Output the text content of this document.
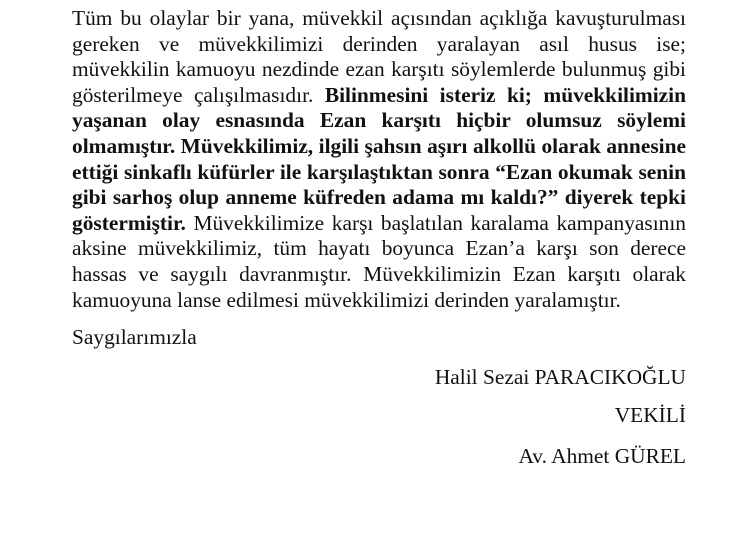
Tüm bu olaylar bir yana, müvekkil açısından açıklığa kavuşturulması gereken ve müvekkilimizi derinden yaralayan asıl husus ise; müvekkilin kamuoyu nezdinde ezan karşıtı söylemlerde bulunmuş gibi gösterilmeye çalışılmasıdır. Bilinmesini isteriz ki; müvekkilimizin yaşanan olay esnasında Ezan karşıtı hiçbir olumsuz söylemi olmamıştır. Müvekkilimiz, ilgili şahsın aşırı alkollü olarak annesine ettiği sinkaflı küfürler ile karşılaştıktan sonra “Ezan okumak senin gibi sarhoş olup anneme küfreden adama mı kaldı?” diyerek tepki göstermiştir. Müvekkilimize karşı başlatılan karalama kampanyasının aksine müvekkilimiz, tüm hayatı boyunca Ezan’a karşı son derece hassas ve saygılı davranmıştır. Müvekkilimizin Ezan karşıtı olarak kamuoyuna lanse edilmesi müvekkilimizi derinden yaralamıştır.

Saygılarımızla

Halil Sezai PARACIKOĞLU

VEKİLİ

Av. Ahmet GÜREL
